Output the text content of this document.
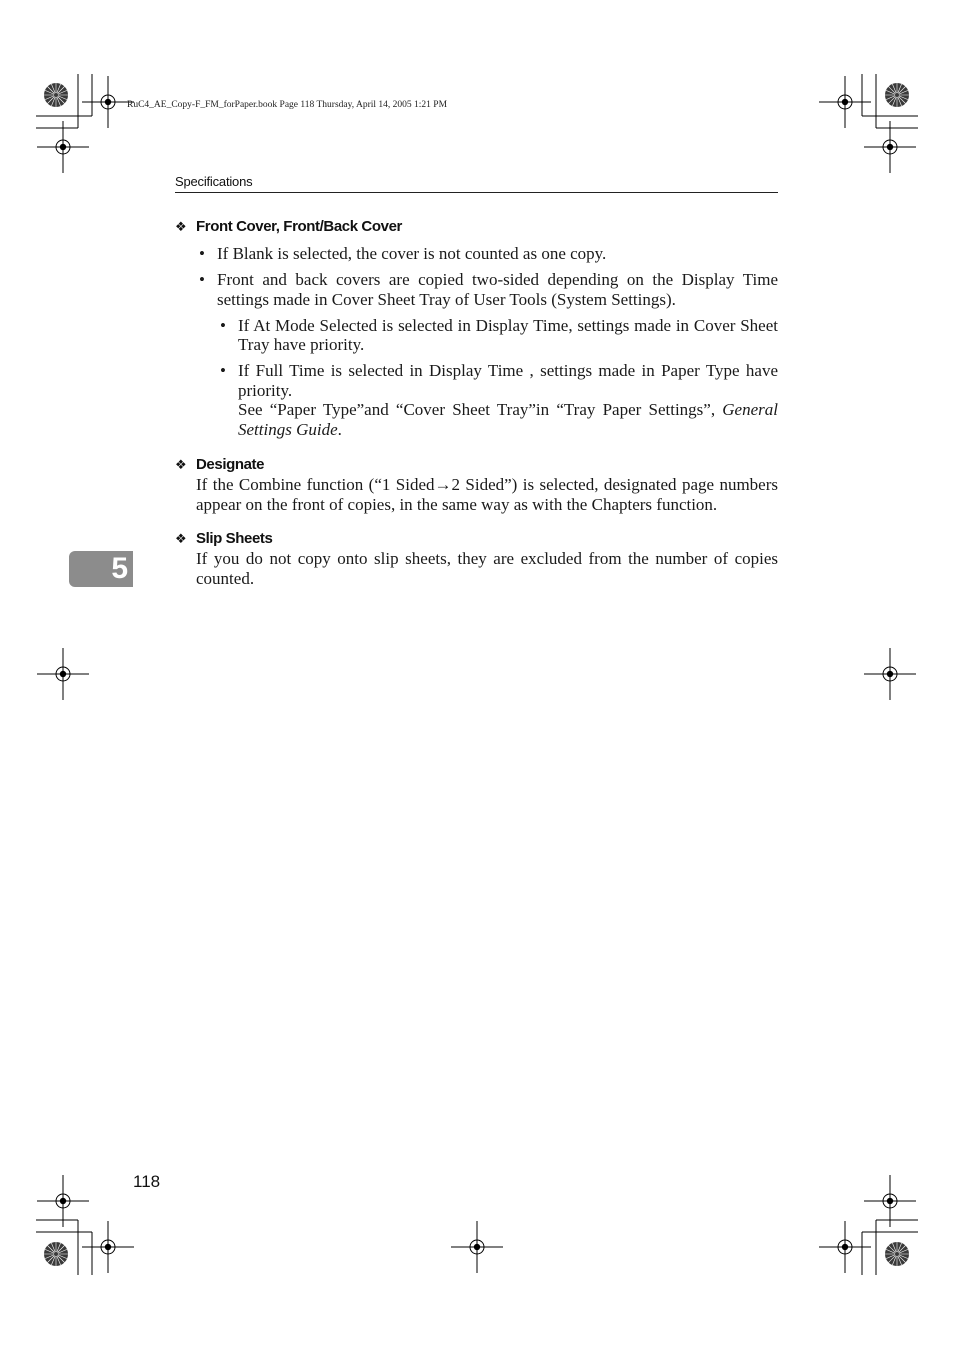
RuC4_AE_Copy-F_FM_forPaper.book Page 118 Thursday, April 14, 2005 1:21 PM
Specifications
5
❖ Front Cover, Front/Back Cover
• If Blank is selected, the cover is not counted as one copy.
• Front and back covers are copied two-sided depending on the Display Time settings made in Cover Sheet Tray of User Tools (System Settings).
• If At Mode Selected is selected in Display Time, settings made in Cover Sheet Tray have priority.
• If Full Time is selected in Display Time , settings made in Paper Type have priority.
See “Paper Type”and “Cover Sheet Tray”in “Tray Paper Settings”, General Settings Guide.
❖ Designate

If the Combine function (“1 Sided→2 Sided”) is selected, designated page numbers appear on the front of copies, in the same way as with the Chapters function.

❖ Slip Sheets

If you do not copy onto slip sheets, they are excluded from the number of copies counted.

118
